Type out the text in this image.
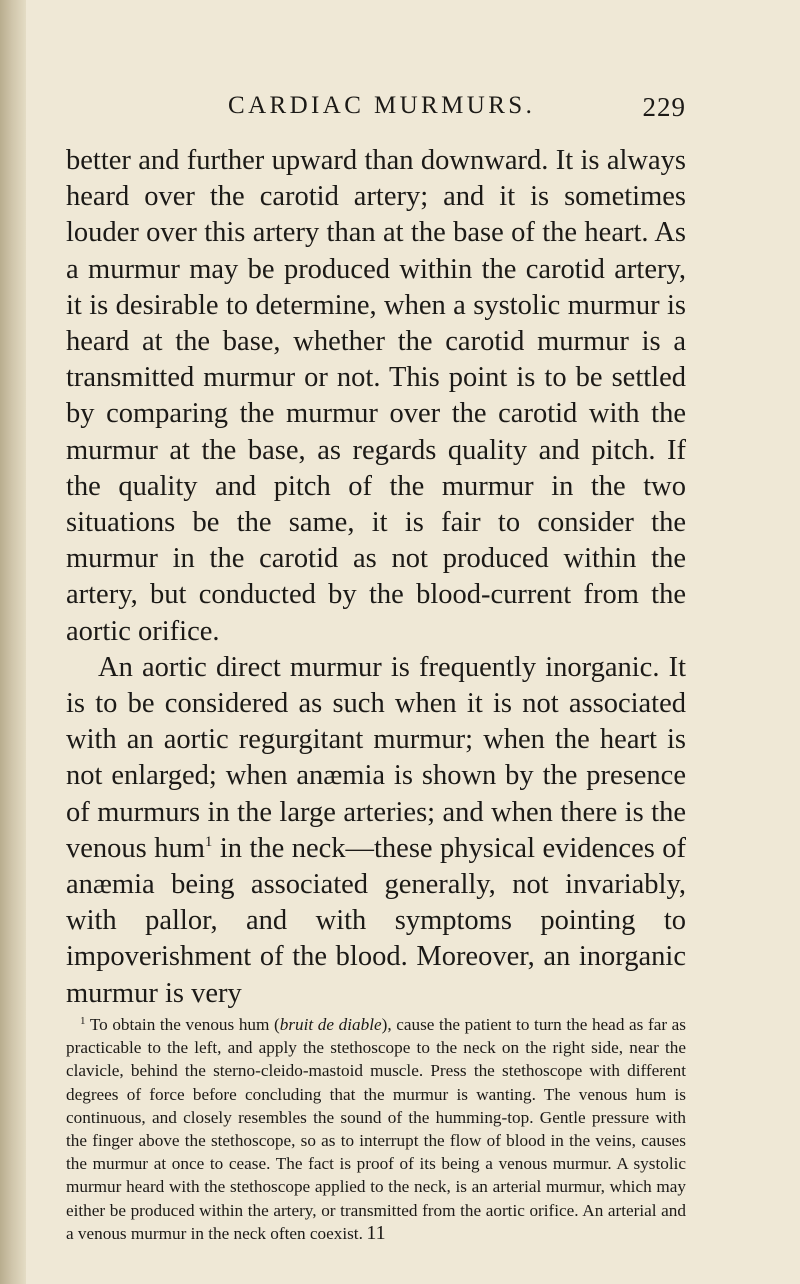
CARDIAC MURMURS.	229

better and further upward than downward. It is always heard over the carotid artery; and it is sometimes louder over this artery than at the base of the heart. As a murmur may be produced within the carotid artery, it is desirable to determine, when a systolic murmur is heard at the base, whether the carotid murmur is a transmitted murmur or not. This point is to be settled by comparing the murmur over the carotid with the murmur at the base, as regards quality and pitch. If the quality and pitch of the murmur in the two situations be the same, it is fair to consider the murmur in the carotid as not produced within the artery, but conducted by the blood-current from the aortic orifice.

An aortic direct murmur is frequently inorganic. It is to be considered as such when it is not associated with an aortic regurgitant murmur; when the heart is not enlarged; when anæmia is shown by the presence of murmurs in the large arteries; and when there is the venous hum$^1$ in the neck—these physical evidences of anæmia being associated generally, not invariably, with pallor, and with symptoms pointing to impoverishment of the blood. Moreover, an inorganic murmur is very

$^1$ To obtain the venous hum (bruit de diable), cause the patient to turn the head as far as practicable to the left, and apply the stethoscope to the neck on the right side, near the clavicle, behind the sterno-cleido-mastoid muscle. Press the stethoscope with different degrees of force before concluding that the murmur is wanting. The venous hum is continuous, and closely resembles the sound of the humming-top. Gentle pressure with the finger above the stethoscope, so as to interrupt the flow of blood in the veins, causes the murmur at once to cease. The fact is proof of its being a venous murmur. A systolic murmur heard with the stethoscope applied to the neck, is an arterial murmur, which may either be produced within the artery, or transmitted from the aortic orifice. An arterial and a venous murmur in the neck often coexist. 11
